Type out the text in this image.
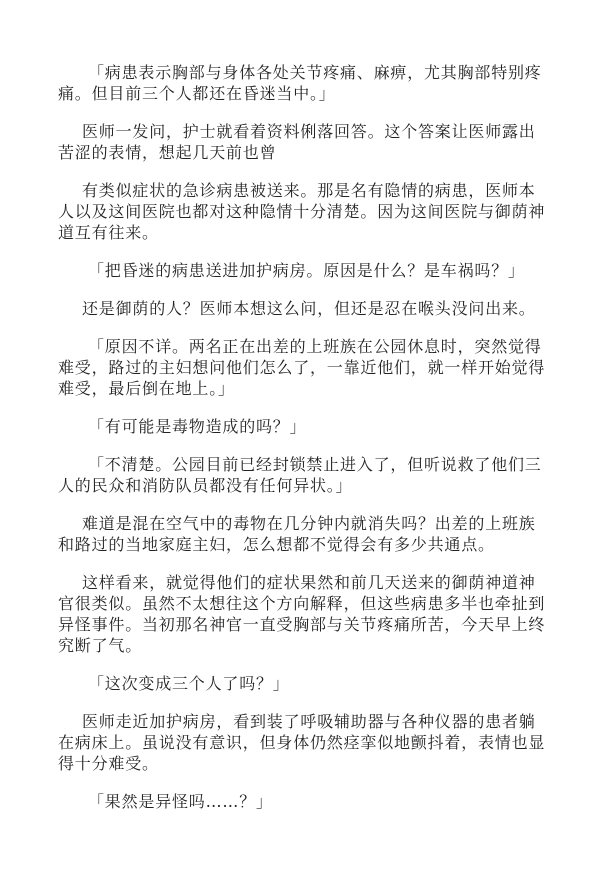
「病患表示胸部与身体各处关节疼痛、麻痹，尤其胸部特别疼
痛。但目前三个人都还在昏迷当中。」
医师一发问，护士就看着资料俐落回答。这个答案让医师露出
苦涩的表情，想起几天前也曾
有类似症状的急诊病患被送来。那是名有隐情的病患，医师本
人以及这间医院也都对这种隐情十分清楚。因为这间医院与御荫神
道互有往来。
「把昏迷的病患送进加护病房。原因是什么？是车祸吗？」
还是御荫的人？医师本想这么问，但还是忍在喉头没问出来。
「原因不详。两名正在出差的上班族在公园休息时，突然觉得
难受，路过的主妇想问他们怎么了，一靠近他们，就一样开始觉得
难受，最后倒在地上。」
「有可能是毒物造成的吗？」
「不清楚。公园目前已经封锁禁止进入了，但听说救了他们三
人的民众和消防队员都没有任何异状。」
难道是混在空气中的毒物在几分钟内就消失吗？出差的上班族
和路过的当地家庭主妇，怎么想都不觉得会有多少共通点。
这样看来，就觉得他们的症状果然和前几天送来的御荫神道神
官很类似。虽然不太想往这个方向解释，但这些病患多半也牵扯到
异怪事件。当初那名神官一直受胸部与关节疼痛所苦，今天早上终
究断了气。
「这次变成三个人了吗？」
医师走近加护病房，看到装了呼吸辅助器与各种仪器的患者躺
在病床上。虽说没有意识，但身体仍然痉挛似地颤抖着，表情也显
得十分难受。
「果然是异怪吗……？」
